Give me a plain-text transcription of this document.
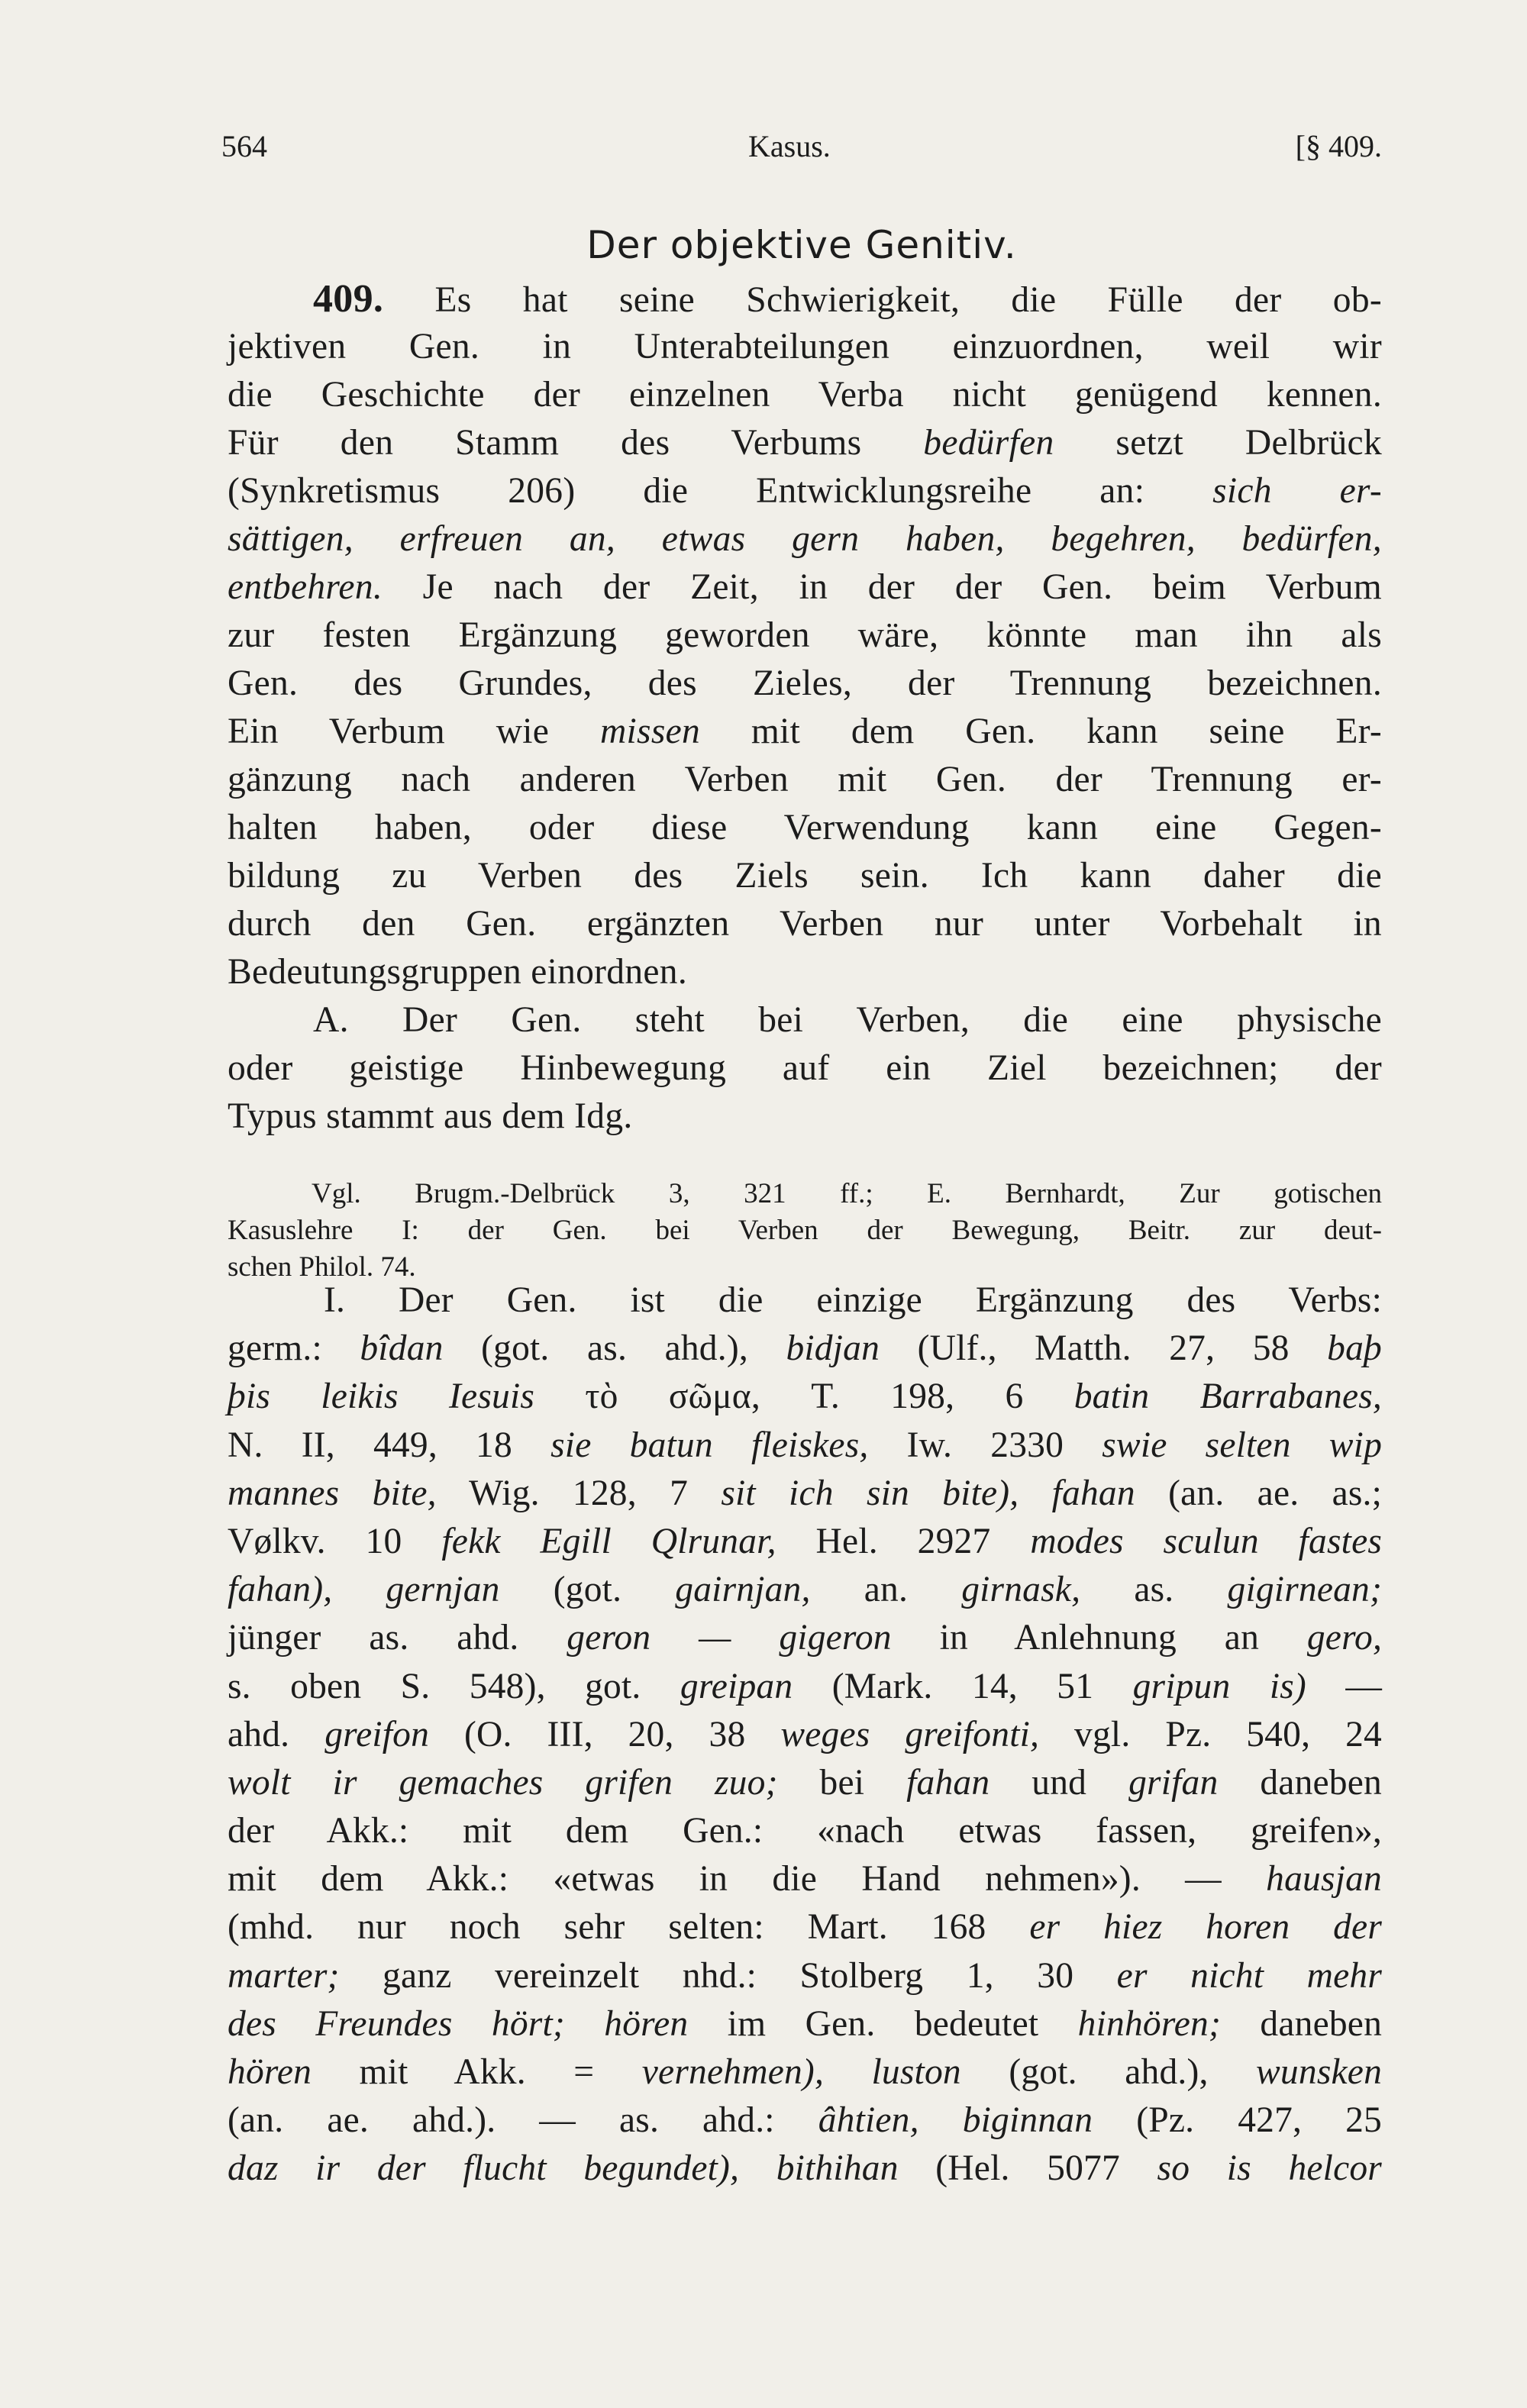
564	Kasus.	[§ 409.
Der objektive Genitiv.
409. Es hat seine Schwierigkeit, die Fülle der ob-
jektiven Gen. in Unterabteilungen einzuordnen, weil wir
die Geschichte der einzelnen Verba nicht genügend kennen.
Für den Stamm des Verbums bedürfen setzt Delbrück
(Synkretismus 206) die Entwicklungsreihe an: sich er-
sättigen, erfreuen an, etwas gern haben, begehren, bedürfen,
entbehren. Je nach der Zeit, in der der Gen. beim Verbum
zur festen Ergänzung geworden wäre, könnte man ihn als
Gen. des Grundes, des Zieles, der Trennung bezeichnen.
Ein Verbum wie missen mit dem Gen. kann seine Er-
gänzung nach anderen Verben mit Gen. der Trennung er-
halten haben, oder diese Verwendung kann eine Gegen-
bildung zu Verben des Ziels sein. Ich kann daher die
durch den Gen. ergänzten Verben nur unter Vorbehalt in
Bedeutungsgruppen einordnen.
A. Der Gen. steht bei Verben, die eine physische
oder geistige Hinbewegung auf ein Ziel bezeichnen; der
Typus stammt aus dem Idg.
Vgl. Brugm.-Delbrück 3, 321 ff.; E. Bernhardt, Zur gotischen
Kasuslehre I: der Gen. bei Verben der Bewegung, Beitr. zur deut-
schen Philol. 74.
I. Der Gen. ist die einzige Ergänzung des Verbs:
germ.: bîdan (got. as. ahd.), bidjan (Ulf., Matth. 27, 58 baþ
þis leikis Iesuis τὸ σῶμα, T. 198, 6 batin Barrabanes,
N. II, 449, 18 sie batun fleiskes, Iw. 2330 swie selten wip
mannes bite, Wig. 128, 7 sit ich sin bite), fahan (an. ae. as.;
Vølkv. 10 fekk Egill Qlrunar, Hel. 2927 modes sculun fastes
fahan), gernjan (got. gairnjan, an. girnask, as. gigirnean;
jünger as. ahd. geron — gigeron in Anlehnung an gero,
s. oben S. 548), got. greipan (Mark. 14, 51 gripun is) —
ahd. greifon (O. III, 20, 38 weges greifonti, vgl. Pz. 540, 24
wolt ir gemaches grifen zuo; bei fahan und grifan daneben
der Akk.: mit dem Gen.: «nach etwas fassen, greifen»,
mit dem Akk.: «etwas in die Hand nehmen»). — hausjan
(mhd. nur noch sehr selten: Mart. 168 er hiez horen der
marter; ganz vereinzelt nhd.: Stolberg 1, 30 er nicht mehr
des Freundes hört; hören im Gen. bedeutet hinhören; daneben
hören mit Akk. = vernehmen), luston (got. ahd.), wunsken
(an. ae. ahd.). — as. ahd.: âhtien, biginnan (Pz. 427, 25
daz ir der flucht begundet), bithihan (Hel. 5077 so is helcor
